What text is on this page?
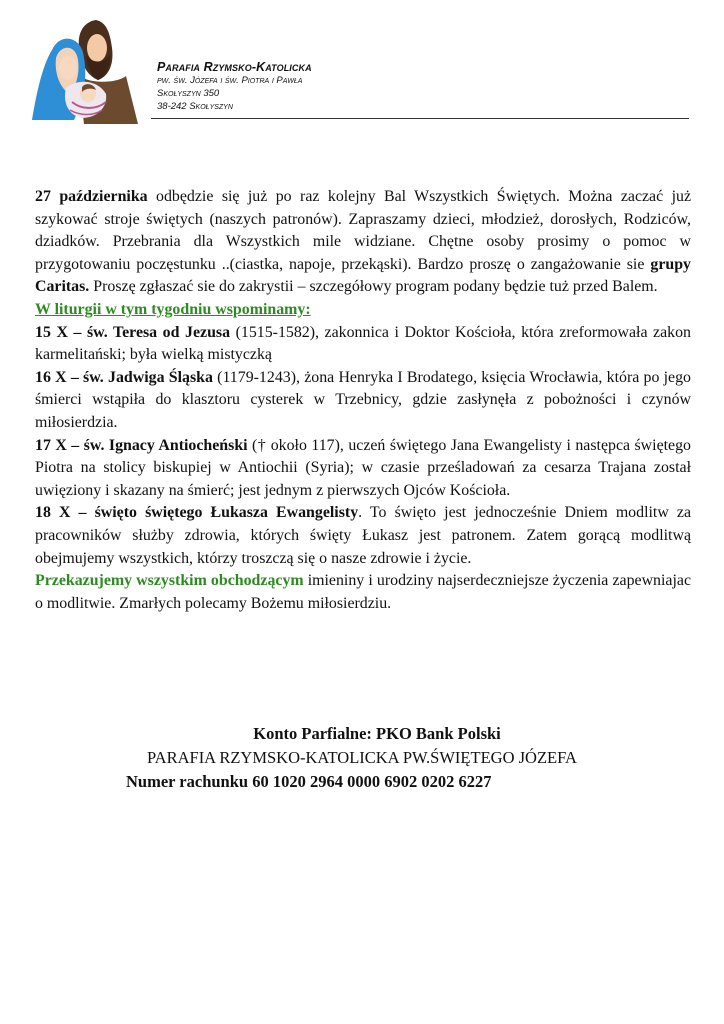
Parafia Rzymsko-Katolicka
pw. św. Józefa i św. Piotra i Pawła
Skołyszyn 350
38-242 Skołyszyn

27 października odbędzie się już po raz kolejny Bal Wszystkich Świętych. Można zaczać już szykować stroje świętych (naszych patronów). Zapraszamy dzieci, młodzież, dorosłych, Rodziców, dziadków. Przebrania dla Wszystkich mile widziane. Chętne osoby prosimy o pomoc w przygotowaniu poczęstunku ..(ciastka, napoje, przekąski). Bardzo proszę o zangażowanie sie grupy Caritas. Proszę zgłaszać sie do zakrystii – szczegółowy program podany będzie tuż przed Balem.

W liturgii w tym tygodniu wspominamy:

15 X – św. Teresa od Jezusa (1515-1582), zakonnica i Doktor Kościoła, która zreformowała zakon karmelitański; była wielką mistyczką

16 X – św. Jadwiga Śląska (1179-1243), żona Henryka I Brodatego, księcia Wrocławia, która po jego śmierci wstąpiła do klasztoru cysterek w Trzebnicy, gdzie zasłynęła z pobożności i czynów miłosierdzia.

17 X – św. Ignacy Antiocheński († około 117), uczeń świętego Jana Ewangelisty i następca świętego Piotra na stolicy biskupiej w Antiochii (Syria); w czasie prześladowań za cesarza Trajana został uwięziony i skazany na śmierć; jest jednym z pierwszych Ojców Kościoła.

18 X – święto świętego Łukasza Ewangelisty. To święto jest jednocześnie Dniem modlitw za pracowników służby zdrowia, których święty Łukasz jest patronem. Zatem gorącą modlitwą obejmujemy wszystkich, którzy troszczą się o nasze zdrowie i życie.

Przekazujemy wszystkim obchodzącym imieniny i urodziny najserdeczniejsze życzenia zapewniajac o modlitwie. Zmarłych polecamy Bożemu miłosierdziu.

Konto Parfialne: PKO Bank Polski
PARAFIA RZYMSKO-KATOLICKA PW.ŚWIĘTEGO JÓZEFA
Numer rachunku 60 1020 2964 0000 6902 0202 6227
